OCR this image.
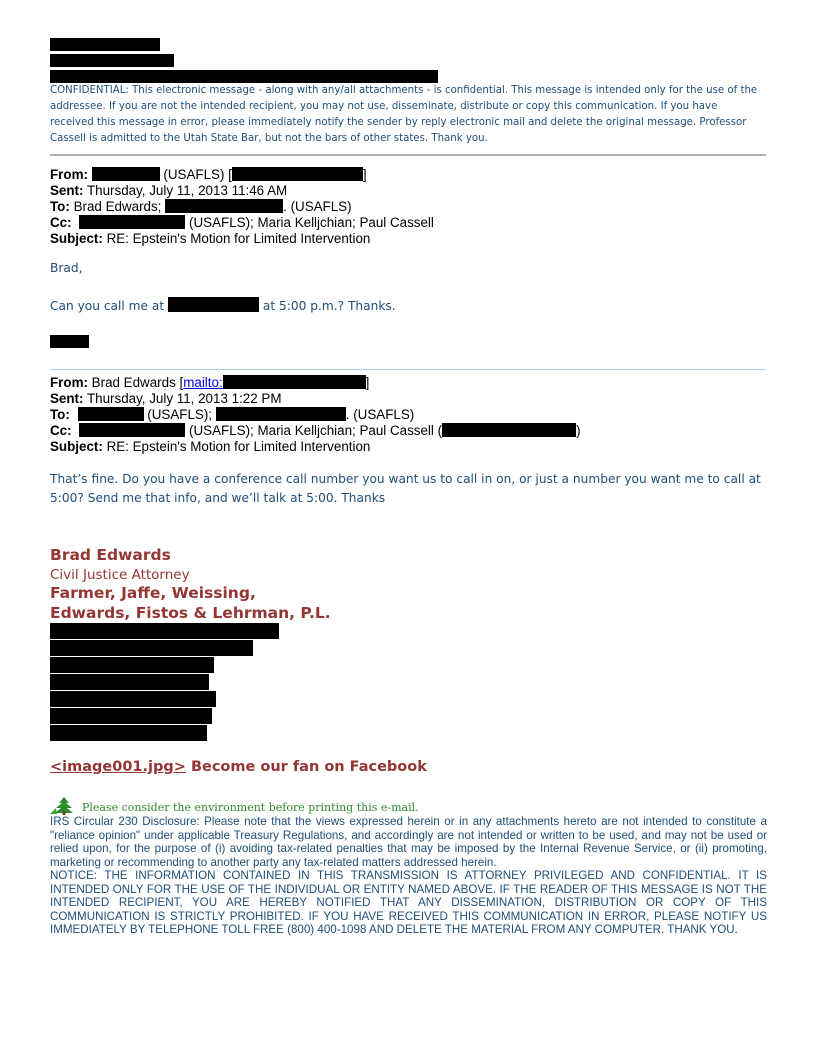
CONFIDENTIAL: This electronic message - along with any/all attachments - is confidential. This message is intended only for the use of the addressee. If you are not the intended recipient, you may not use, disseminate, distribute or copy this communication. If you have received this message in error, please immediately notify the sender by reply electronic mail and delete the original message. Professor Cassell is admitted to the Utah State Bar, but not the bars of other states. Thank you.
From:	(USAFLS) [	]
Sent: Thursday, July 11, 2013 11:46 AM
To: Brad Edwards;	. (USAFLS)
Cc:	(USAFLS); Maria Kelljchian; Paul Cassell
Subject: RE: Epstein's Motion for Limited Intervention
Brad,
Can you call me at	at 5:00 p.m.? Thanks.
From: Brad Edwards [mailto:	]
Sent: Thursday, July 11, 2013 1:22 PM
To:	(USAFLS);	. (USAFLS)
Cc:	(USAFLS); Maria Kelljchian; Paul Cassell (	)
Subject: RE: Epstein's Motion for Limited Intervention
That’s fine. Do you have a conference call number you want us to call in on, or just a number you want me to call at
5:00? Send me that info, and we’ll talk at 5:00. Thanks
Brad Edwards
Civil Justice Attorney
Farmer, Jaffe, Weissing,
Edwards, Fistos & Lehrman, P.L.
<image001.jpg> Become our fan on Facebook
Please consider the environment before printing this e-mail.

IRS Circular 230 Disclosure: Please note that the views expressed herein or in any attachments hereto are not intended to constitute a "reliance opinion" under applicable Treasury Regulations, and accordingly are not intended or written to be used, and may not be used or relied upon, for the purpose of (i) avoiding tax-related penalties that may be imposed by the Internal Revenue Service, or (ii) promoting, marketing or recommending to another party any tax-related matters addressed herein.

NOTICE: THE INFORMATION CONTAINED IN THIS TRANSMISSION IS ATTORNEY PRIVILEGED AND CONFIDENTIAL. IT IS INTENDED ONLY FOR THE USE OF THE INDIVIDUAL OR ENTITY NAMED ABOVE. IF THE READER OF THIS MESSAGE IS NOT THE INTENDED RECIPIENT, YOU ARE HEREBY NOTIFIED THAT ANY DISSEMINATION, DISTRIBUTION OR COPY OF THIS COMMUNICATION IS STRICTLY PROHIBITED. IF YOU HAVE RECEIVED THIS COMMUNICATION IN ERROR, PLEASE NOTIFY US IMMEDIATELY BY TELEPHONE TOLL FREE (800) 400-1098 AND DELETE THE MATERIAL FROM ANY COMPUTER. THANK YOU.
